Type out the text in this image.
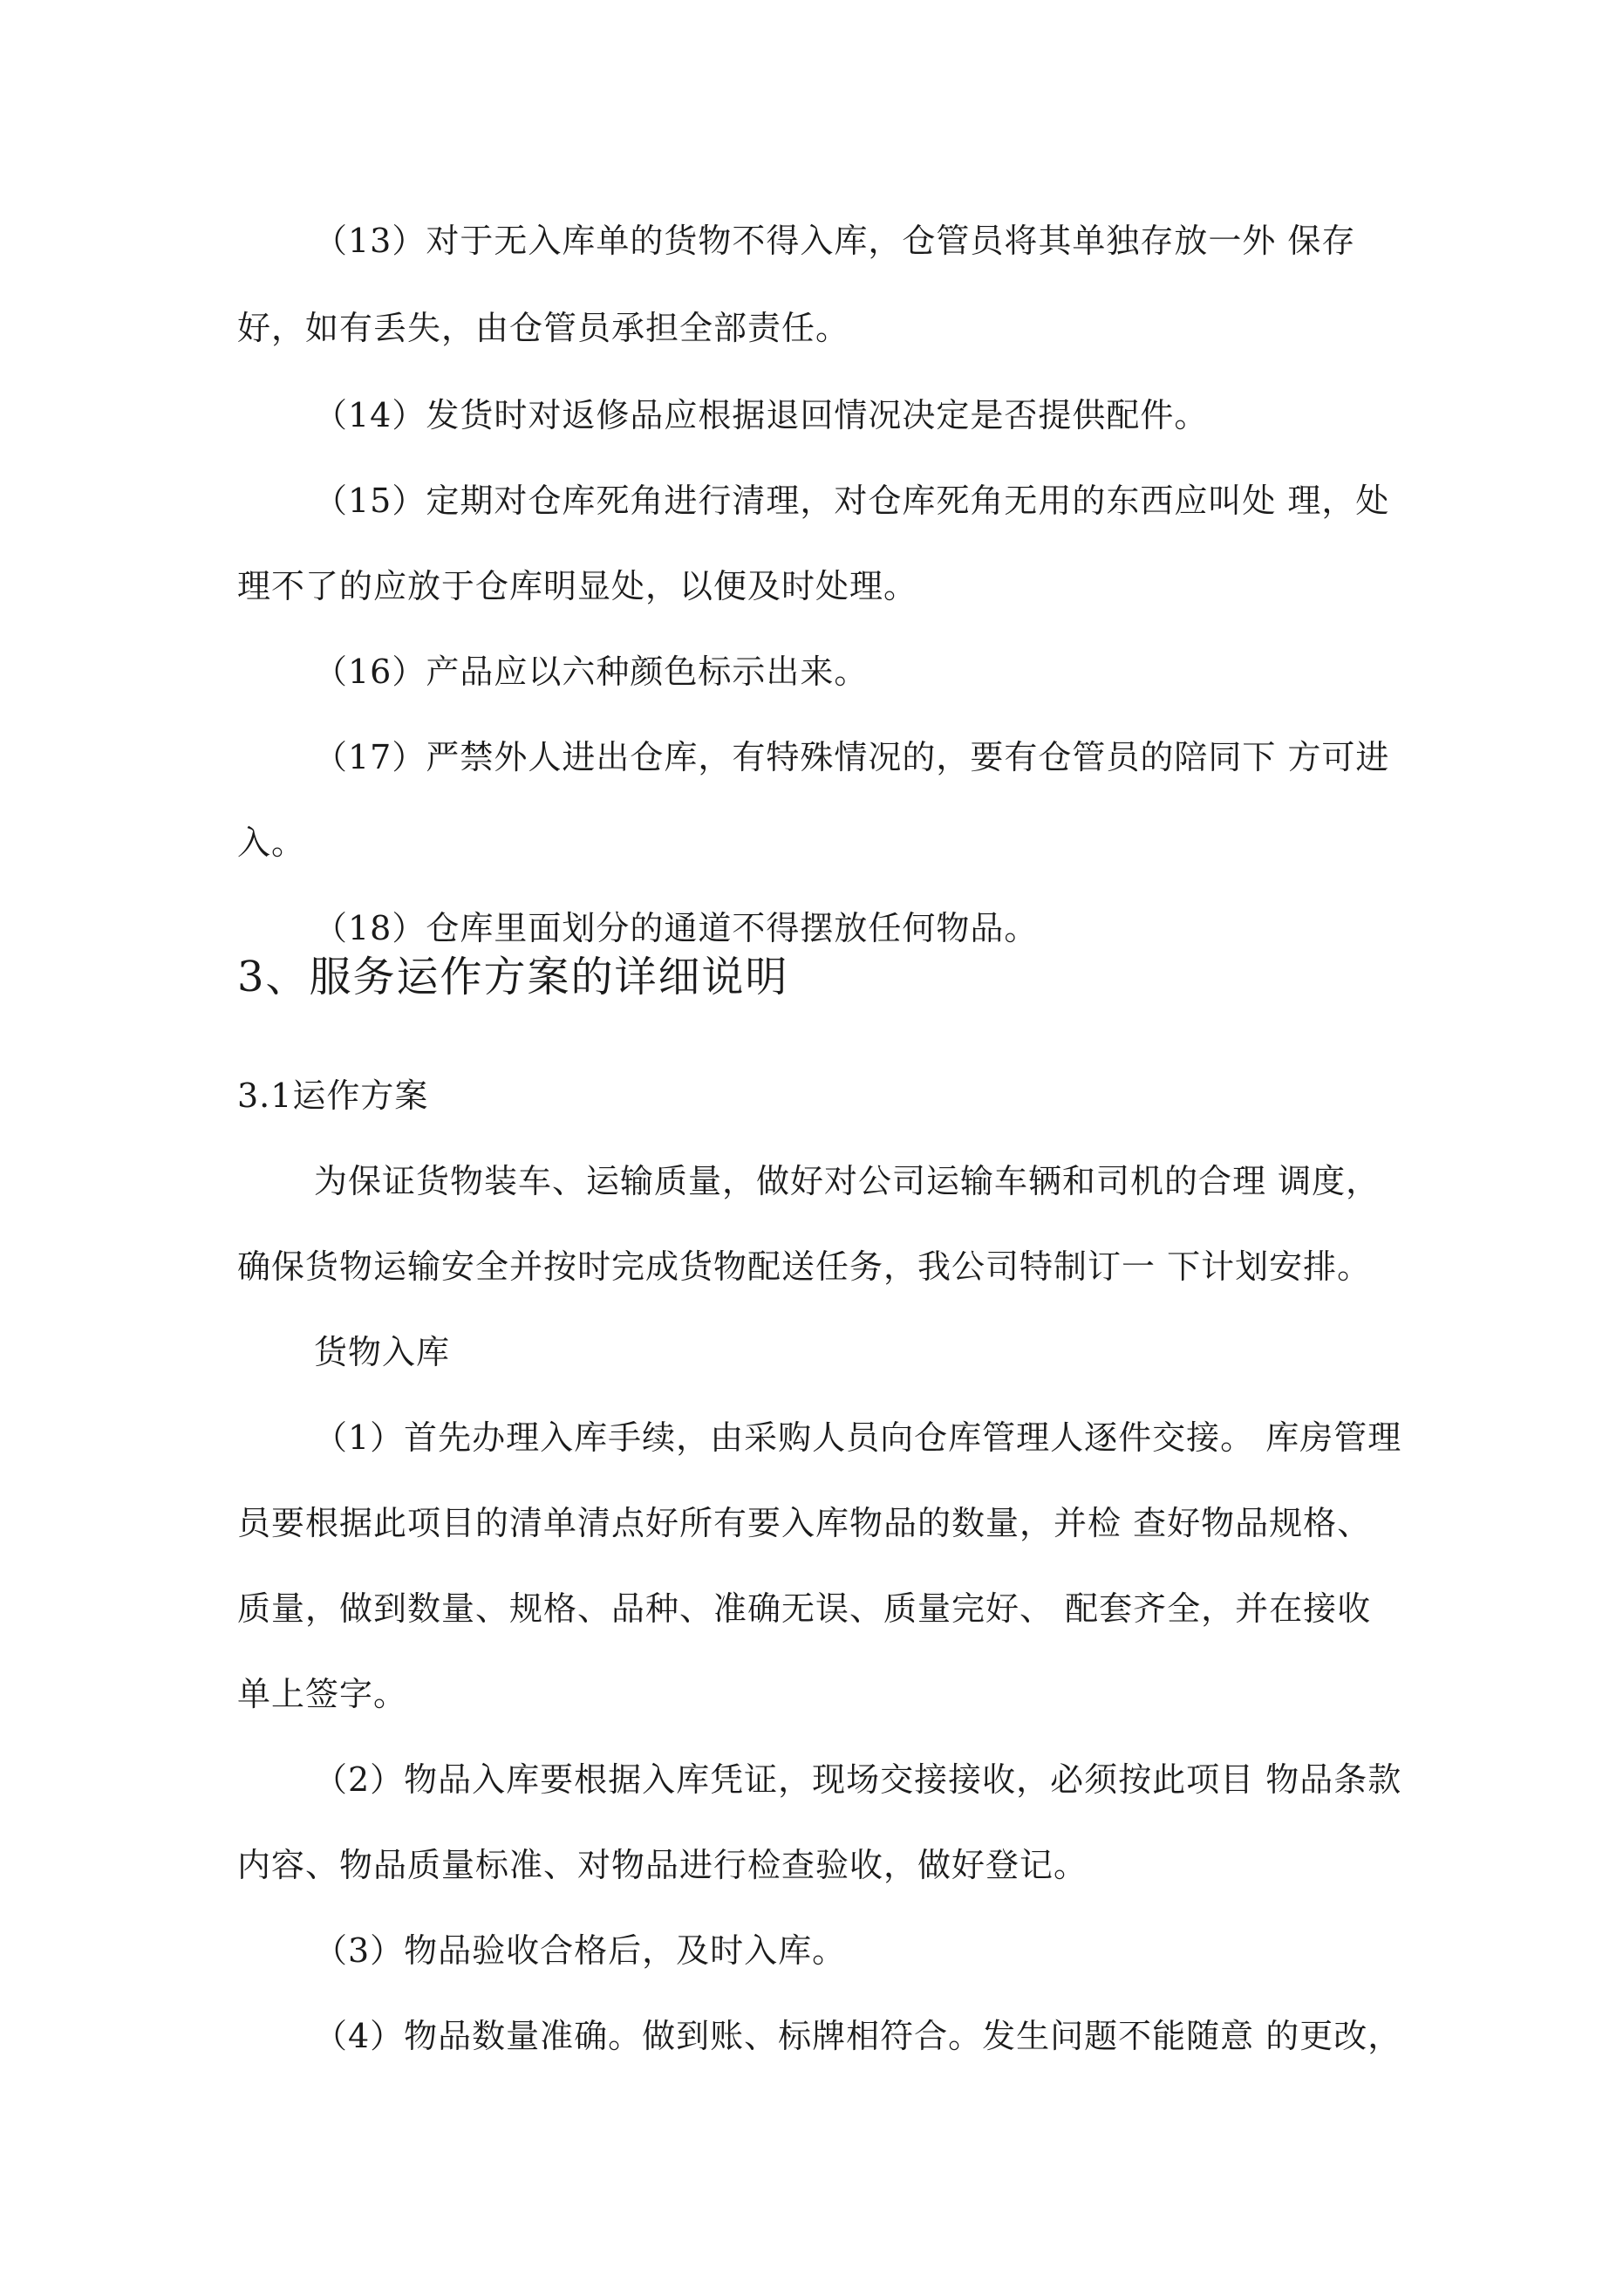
（13）对于无入库单的货物不得入库，仓管员将其单独存放一外 保存
好，如有丢失，由仓管员承担全部责任。
（14）发货时对返修品应根据退回情况决定是否提供配件。
（15）定期对仓库死角进行清理，对仓库死角无用的东西应叫处 理，处
理不了的应放于仓库明显处，以便及时处理。
（16）产品应以六种颜色标示出来。
（17）严禁外人进出仓库，有特殊情况的，要有仓管员的陪同下 方可进
入。
（18）仓库里面划分的通道不得摆放任何物品。
3、服务运作方案的详细说明
3.1运作方案
为保证货物装车、运输质量，做好对公司运输车辆和司机的合理 调度，
确保货物运输安全并按时完成货物配送任务，我公司特制订一 下计划安排。
货物入库
（1）首先办理入库手续，由采购人员向仓库管理人逐件交接。 库房管理
员要根据此项目的清单清点好所有要入库物品的数量，并检 查好物品规格、
质量，做到数量、规格、品种、准确无误、质量完好、 配套齐全，并在接收
单上签字。
（2）物品入库要根据入库凭证，现场交接接收，必须按此项目 物品条款
内容、物品质量标准、对物品进行检查验收，做好登记。
（3）物品验收合格后，及时入库。
（4）物品数量准确。做到账、标牌相符合。发生问题不能随意 的更改，
